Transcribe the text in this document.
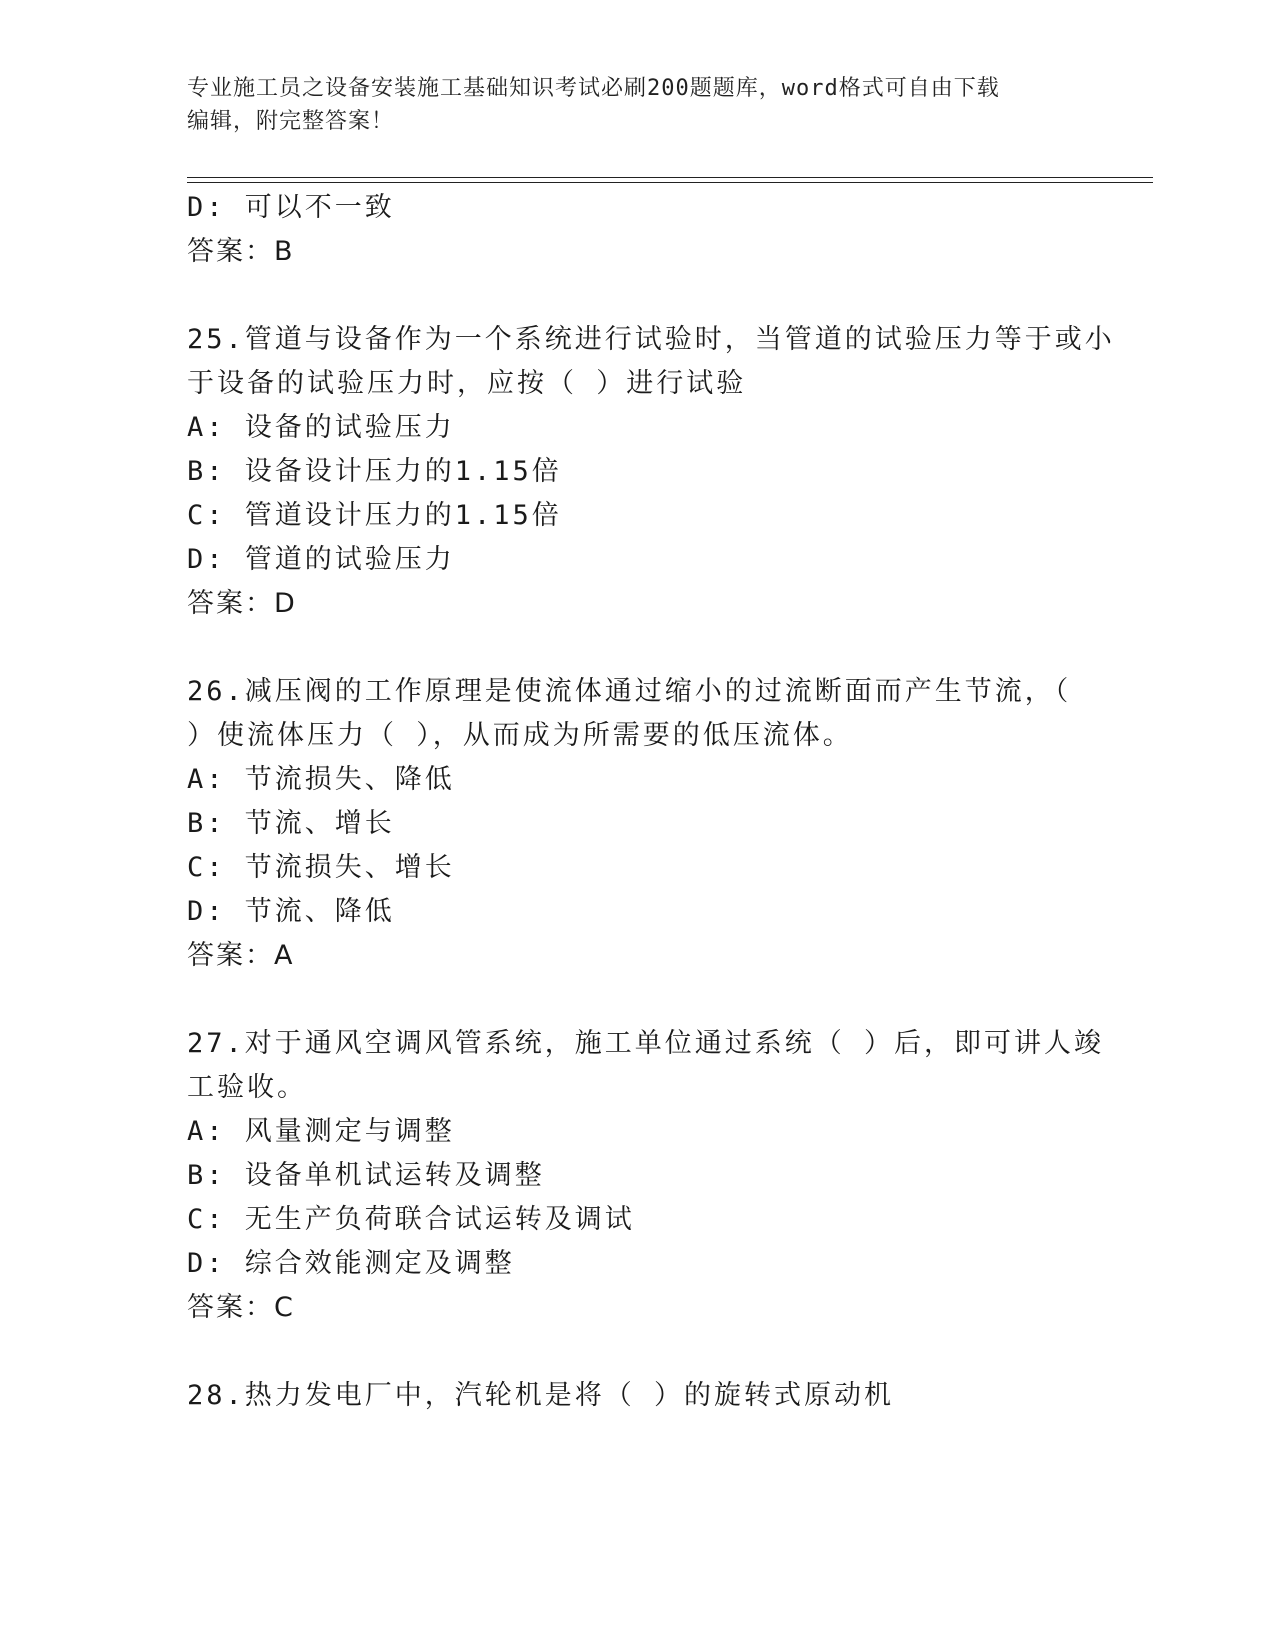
专业施工员之设备安装施工基础知识考试必刷200题题库，word格式可自由下载
编辑，附完整答案！
D: 可以不一致
答案：B
25.管道与设备作为一个系统进行试验时，当管道的试验压力等于或小
于设备的试验压力时，应按（ ）进行试验
A: 设备的试验压力
B: 设备设计压力的1.15倍
C: 管道设计压力的1.15倍
D: 管道的试验压力
答案：D
26.减压阀的工作原理是使流体通过缩小的过流断面而产生节流，（
）使流体压力（ ），从而成为所需要的低压流体。
A: 节流损失、降低
B: 节流、增长
C: 节流损失、增长
D: 节流、降低
答案：A
27.对于通风空调风管系统，施工单位通过系统（ ）后，即可讲人竣
工验收。
A: 风量测定与调整
B: 设备单机试运转及调整
C: 无生产负荷联合试运转及调试
D: 综合效能测定及调整
答案：C
28.热力发电厂中，汽轮机是将（ ）的旋转式原动机
